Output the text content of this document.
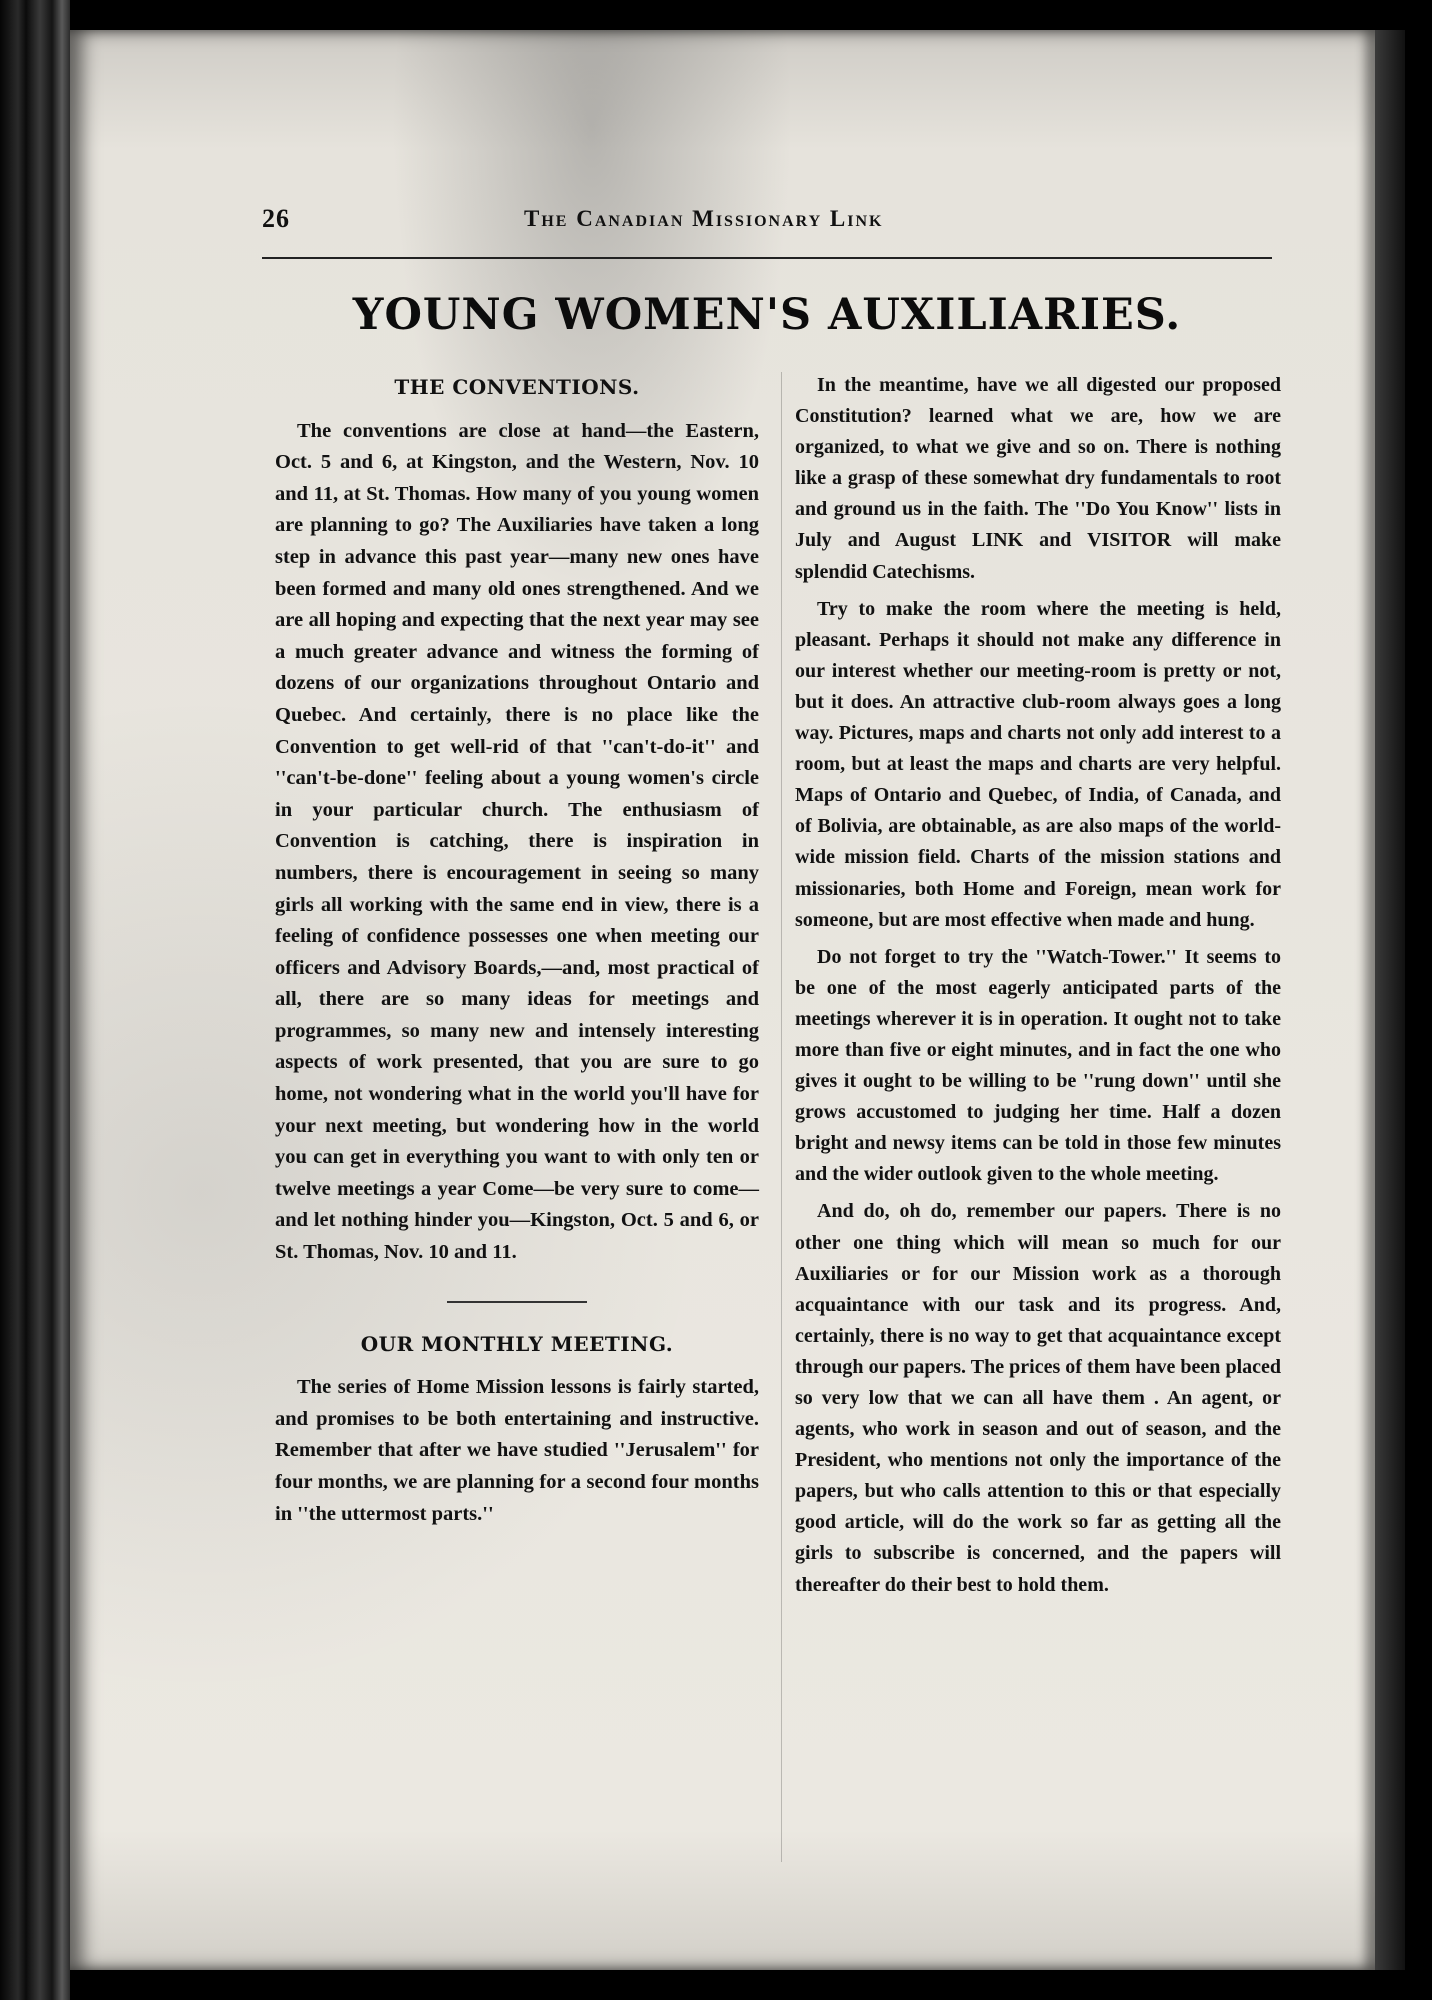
26	The Canadian Missionary Link
YOUNG WOMEN'S AUXILIARIES.
THE CONVENTIONS.

The conventions are close at hand—the Eastern, Oct. 5 and 6, at Kingston, and the Western, Nov. 10 and 11, at St. Thomas. How many of you young women are planning to go? The Auxiliaries have taken a long step in advance this past year—many new ones have been formed and many old ones strengthened. And we are all hoping and expecting that the next year may see a much greater advance and witness the forming of dozens of our organizations throughout Ontario and Quebec. And certainly, there is no place like the Convention to get well-rid of that ''can't-do-it'' and ''can't-be-done'' feeling about a young women's circle in your particular church. The enthusiasm of Convention is catching, there is inspiration in numbers, there is encouragement in seeing so many girls all working with the same end in view, there is a feeling of confidence possesses one when meeting our officers and Advisory Boards,—and, most practical of all, there are so many ideas for meetings and programmes, so many new and intensely interesting aspects of work presented, that you are sure to go home, not wondering what in the world you'll have for your next meeting, but wondering how in the world you can get in everything you want to with only ten or twelve meetings a year Come—be very sure to come—and let nothing hinder you—Kingston, Oct. 5 and 6, or St. Thomas, Nov. 10 and 11.

OUR MONTHLY MEETING.

The series of Home Mission lessons is fairly started, and promises to be both entertaining and instructive. Remember that after we have studied ''Jerusalem'' for four months, we are planning for a second four months in ''the uttermost parts.''

In the meantime, have we all digested our proposed Constitution? learned what we are, how we are organized, to what we give and so on. There is nothing like a grasp of these somewhat dry fundamentals to root and ground us in the faith. The ''Do You Know'' lists in July and August LINK and VISITOR will make splendid Catechisms.

Try to make the room where the meeting is held, pleasant. Perhaps it should not make any difference in our interest whether our meeting-room is pretty or not, but it does. An attractive club-room always goes a long way. Pictures, maps and charts not only add interest to a room, but at least the maps and charts are very helpful. Maps of Ontario and Quebec, of India, of Canada, and of Bolivia, are obtainable, as are also maps of the world-wide mission field. Charts of the mission stations and missionaries, both Home and Foreign, mean work for someone, but are most effective when made and hung.

Do not forget to try the ''Watch-Tower.'' It seems to be one of the most eagerly anticipated parts of the meetings wherever it is in operation. It ought not to take more than five or eight minutes, and in fact the one who gives it ought to be willing to be ''rung down'' until she grows accustomed to judging her time. Half a dozen bright and newsy items can be told in those few minutes and the wider outlook given to the whole meeting.

And do, oh do, remember our papers. There is no other one thing which will mean so much for our Auxiliaries or for our Mission work as a thorough acquaintance with our task and its progress. And, certainly, there is no way to get that acquaintance except through our papers. The prices of them have been placed so very low that we can all have them . An agent, or agents, who work in season and out of season, and the President, who mentions not only the importance of the papers, but who calls attention to this or that especially good article, will do the work so far as getting all the girls to subscribe is concerned, and the papers will thereafter do their best to hold them.
